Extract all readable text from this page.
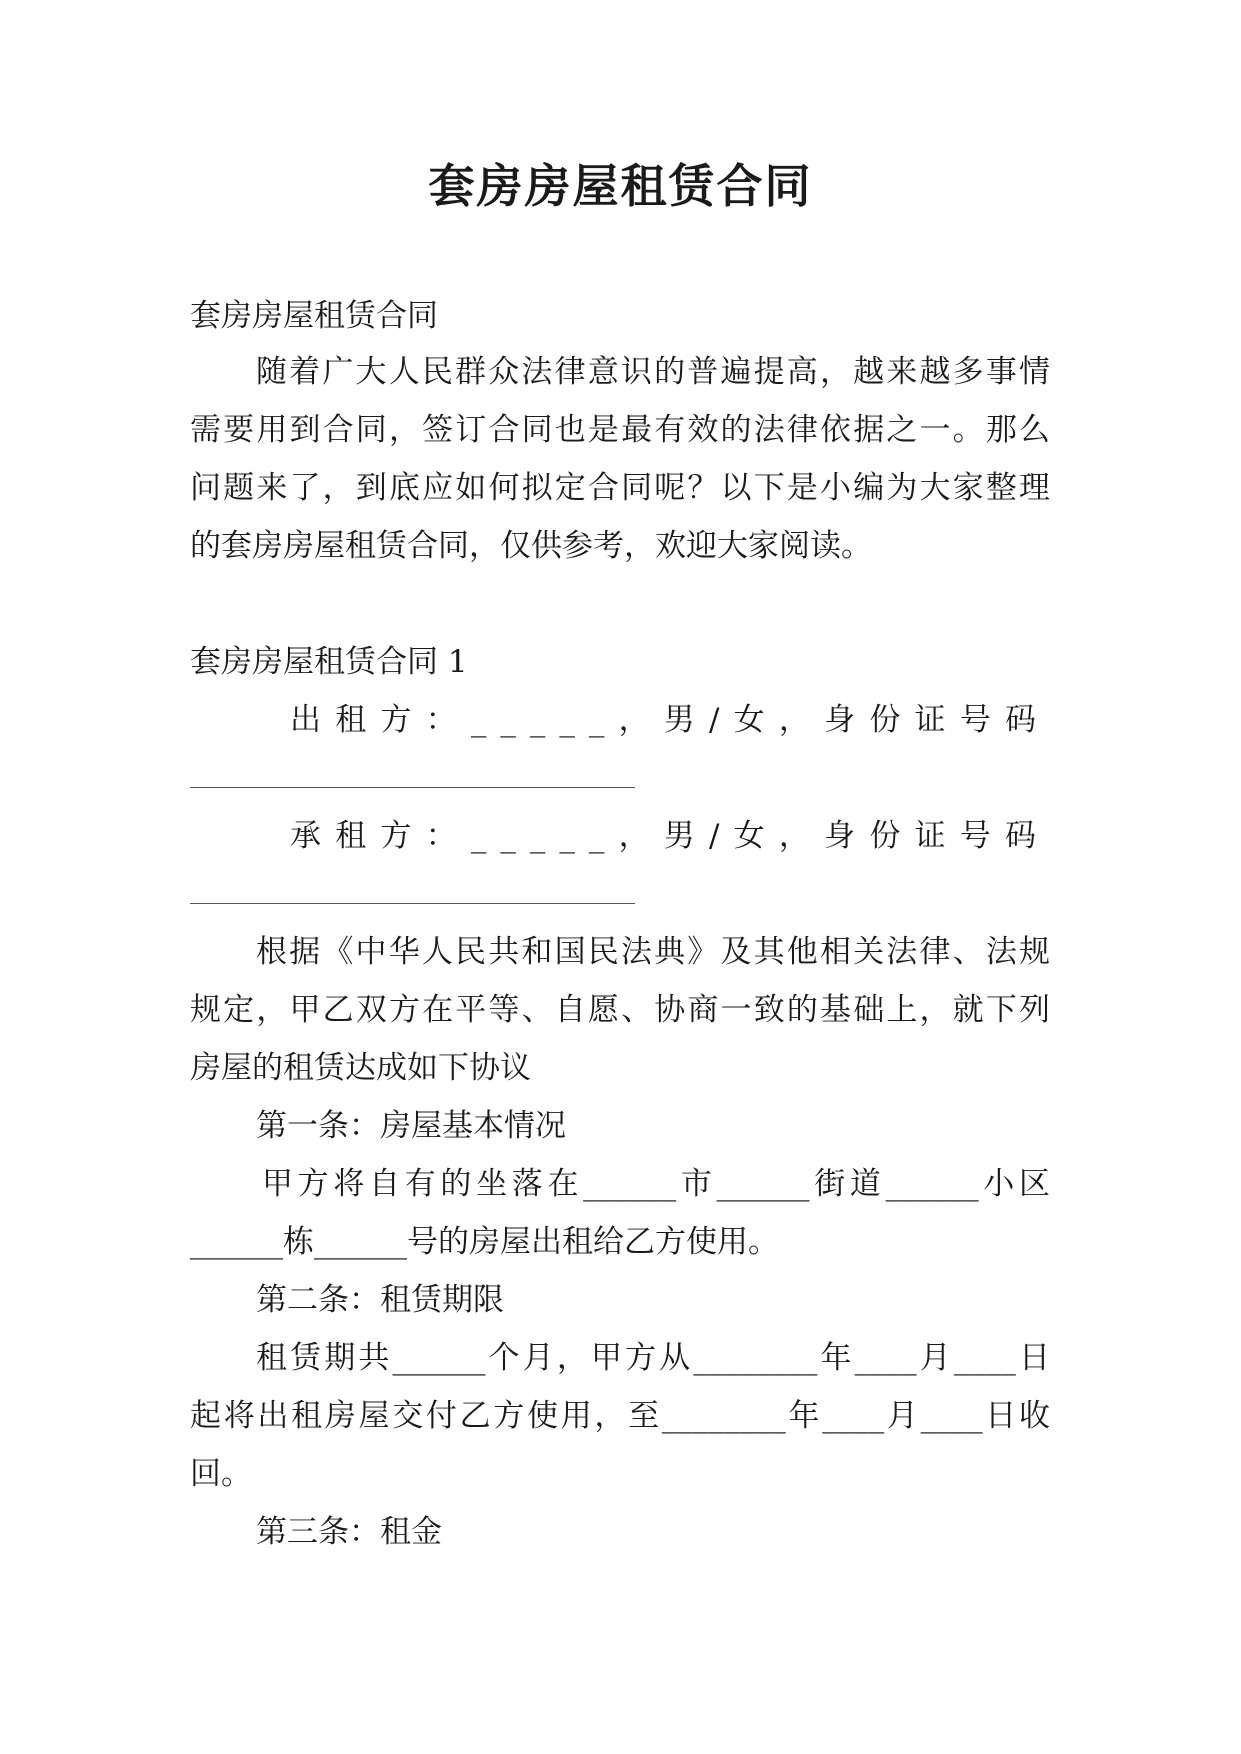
套房房屋租赁合同

套房房屋租赁合同

随着广大人民群众法律意识的普遍提高，越来越多事情

需要用到合同，签订合同也是最有效的法律依据之一。那么

问题来了，到底应如何拟定合同呢？以下是小编为大家整理

的套房房屋租赁合同，仅供参考，欢迎大家阅读。

套房房屋租赁合同 1

出租方：_____，男/女，身份证号码

承租方：_____，男/女，身份证号码

根据《中华人民共和国民法典》及其他相关法律、法规

规定，甲乙双方在平等、自愿、协商一致的基础上，就下列

房屋的租赁达成如下协议

第一条：房屋基本情况

甲方将自有的坐落在______市______街道______小区

______栋______号的房屋出租给乙方使用。

第二条：租赁期限

租赁期共______个月，甲方从________年____月____日

起将出租房屋交付乙方使用，至________年____月____日收

回。

第三条：租金
